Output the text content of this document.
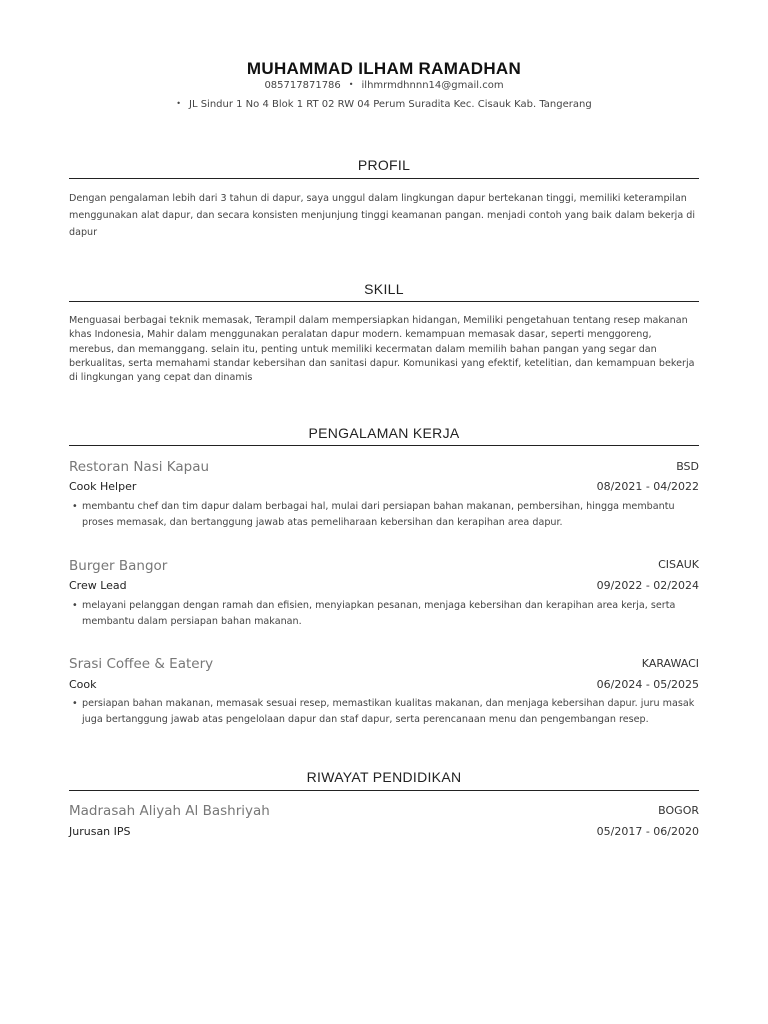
MUHAMMAD ILHAM RAMADHAN
085717871786 • ilhmrmdhnnn14@gmail.com
• JL Sindur 1 No 4 Blok 1 RT 02 RW 04 Perum Suradita Kec. Cisauk Kab. Tangerang
PROFIL
Dengan pengalaman lebih dari 3 tahun di dapur, saya unggul dalam lingkungan dapur bertekanan tinggi, memiliki keterampilan menggunakan alat dapur, dan secara konsisten menjunjung tinggi keamanan pangan. menjadi contoh yang baik dalam bekerja di dapur
SKILL
Menguasai berbagai teknik memasak, Terampil dalam mempersiapkan hidangan, Memiliki pengetahuan tentang resep makanan khas Indonesia, Mahir dalam menggunakan peralatan dapur modern. kemampuan memasak dasar, seperti menggoreng, merebus, dan memanggang. selain itu, penting untuk memiliki kecermatan dalam memilih bahan pangan yang segar dan berkualitas, serta memahami standar kebersihan dan sanitasi dapur. Komunikasi yang efektif, ketelitian, dan kemampuan bekerja di lingkungan yang cepat dan dinamis
PENGALAMAN KERJA
Restoran Nasi Kapau	BSD
Cook Helper	08/2021 - 04/2022
• membantu chef dan tim dapur dalam berbagai hal, mulai dari persiapan bahan makanan, pembersihan, hingga membantu proses memasak, dan bertanggung jawab atas pemeliharaan kebersihan dan kerapihan area dapur.
Burger Bangor	CISAUK
Crew Lead	09/2022 - 02/2024
• melayani pelanggan dengan ramah dan efisien, menyiapkan pesanan, menjaga kebersihan dan kerapihan area kerja, serta membantu dalam persiapan bahan makanan.
Srasi Coffee & Eatery	KARAWACI
Cook	06/2024 - 05/2025
• persiapan bahan makanan, memasak sesuai resep, memastikan kualitas makanan, dan menjaga kebersihan dapur. juru masak juga bertanggung jawab atas pengelolaan dapur dan staf dapur, serta perencanaan menu dan pengembangan resep.
RIWAYAT PENDIDIKAN
Madrasah Aliyah Al Bashriyah	BOGOR
Jurusan IPS	05/2017 - 06/2020
